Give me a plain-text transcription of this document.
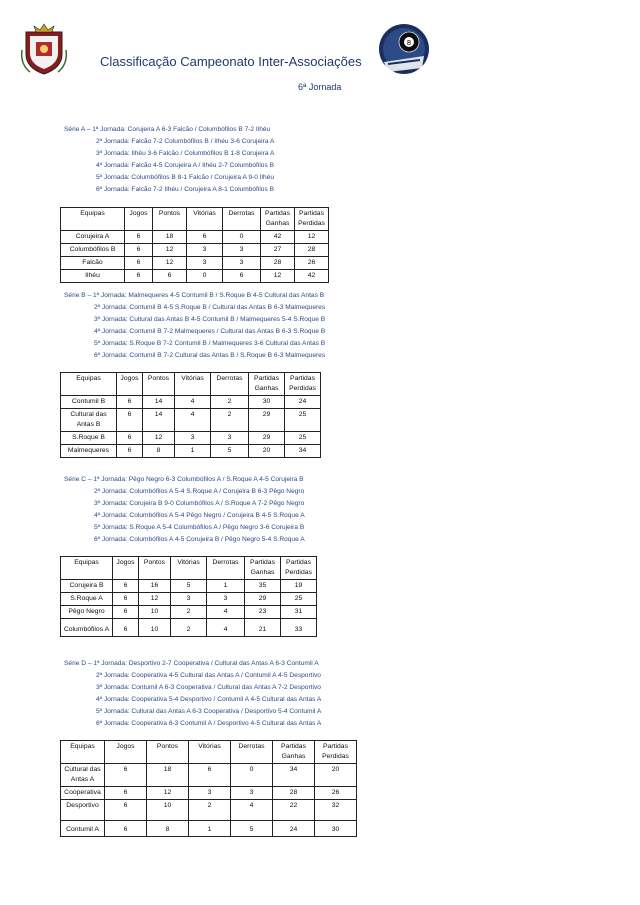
8
Classificação Campeonato Inter-Associações
6ª Jornada
Série A – 1ª Jornada: Corujeira A 6-3 Falcão / Columbófilos B 7-2 Ilhéu
2ª Jornada: Falcão 7-2 Columbófilos B / Ilhéu 3-6 Corujeira A
3ª Jornada: Ilhéu 3-6 Falcão / Columbófilos B 1-8 Corujeira A
4ª Jornada: Falcão 4-5 Corujeira A / Ilhéu 2-7 Columbófilos B
5ª Jornada: Columbófilos B 8-1 Falcão / Corujeira A 9-0 Ilhéu
6ª Jornada: Falcão 7-2 Ilhéu / Corujeira A 8-1 Columbófilos B
Equipas	Jogos	Pontos	Vitórias	Derrotas	Partidas Ganhas	Partidas Perdidas
Corujeira A	6	18	6	0	42	12
Columbófilos B	6	12	3	3	27	28
Falcão	6	12	3	3	28	26
Ilhéu	6	6	0	6	12	42
Série B – 1ª Jornada: Malmequeres 4-5 Contumil B / S.Roque B 4-5 Cultural das Antas B
2ª Jornada: Contumil B 4-5 S.Roque B / Cultural das Antas B 6-3 Malmequeres
3ª Jornada: Cultural das Antas B 4-5 Contumil B / Malmequeres 5-4 S.Roque B
4ª Jornada: Contumil B 7-2 Malmequeres / Cultural das Antas B 6-3 S.Roque B
5ª Jornada: S.Roque B 7-2 Contumil B / Malmequeres 3-6 Cultural das Antas B
6ª Jornada: Contumil B 7-2 Cultural das Antas B / S.Roque B 6-3 Malmequeres
Equipas	Jogos	Pontos	Vitórias	Derrotas	Partidas Ganhas	Partidas Perdidas
Contumil B	6	14	4	2	30	24
Cultural das Antas B	6	14	4	2	29	25
S.Roque B	6	12	3	3	29	25
Malmequeres	6	8	1	5	20	34
Série C – 1ª Jornada: Pêgo Negro 6-3 Columbófilos A / S.Roque A 4-5 Corujeira B
2ª Jornada: Columbófilos A 5-4 S.Roque A / Corujeira B 6-3 Pêgo Negro
3ª Jornada: Corujeira B 9-0 Columbófilos A / S.Roque A 7-2 Pêgo Negro
4ª Jornada: Columbófilos A 5-4 Pêgo Negro / Corujeira B 4-5 S.Roque A
5ª Jornada: S.Roque A 5-4 Columbófilos A / Pêgo Negro 3-6 Corujeira B
6ª Jornada: Columbófilos A 4-5 Corujeira B / Pêgo Negro 5-4 S.Roque A
Equipas	Jogos	Pontos	Vitórias	Derrotas	Partidas Ganhas	Partidas Perdidas
Corujeira B	6	16	5	1	35	19
S.Roque A	6	12	3	3	29	25
Pêgo Negro	6	10	2	4	23	31
Columbófilos A	6	10	2	4	21	33
Série D – 1ª Jornada: Desportivo 2-7 Cooperativa / Cultural das Antas A 6-3 Contumil A
2ª Jornada: Cooperativa 4-5 Cultural das Antas A / Contumil A 4-5 Desportivo
3ª Jornada: Contumil A 6-3 Cooperativa / Cultural das Antas A 7-2 Desportivo
4ª Jornada: Cooperativa 5-4 Desportivo / Contumil A 4-5 Cultural das Antas A
5ª Jornada: Cultural das Antas A 6-3 Cooperativa / Desportivo 5-4 Contumil A
6ª Jornada: Cooperativa 6-3 Contumil A / Desportivo 4-5 Cultural das Antas A
Equipas	Jogos	Pontos	Vitórias	Derrotas	Partidas Ganhas	Partidas Perdidas
Cultural das Antas A	6	18	6	0	34	20
Cooperativa	6	12	3	3	28	26
Desportivo	6	10	2	4	22	32
Contumil A	6	8	1	5	24	30
